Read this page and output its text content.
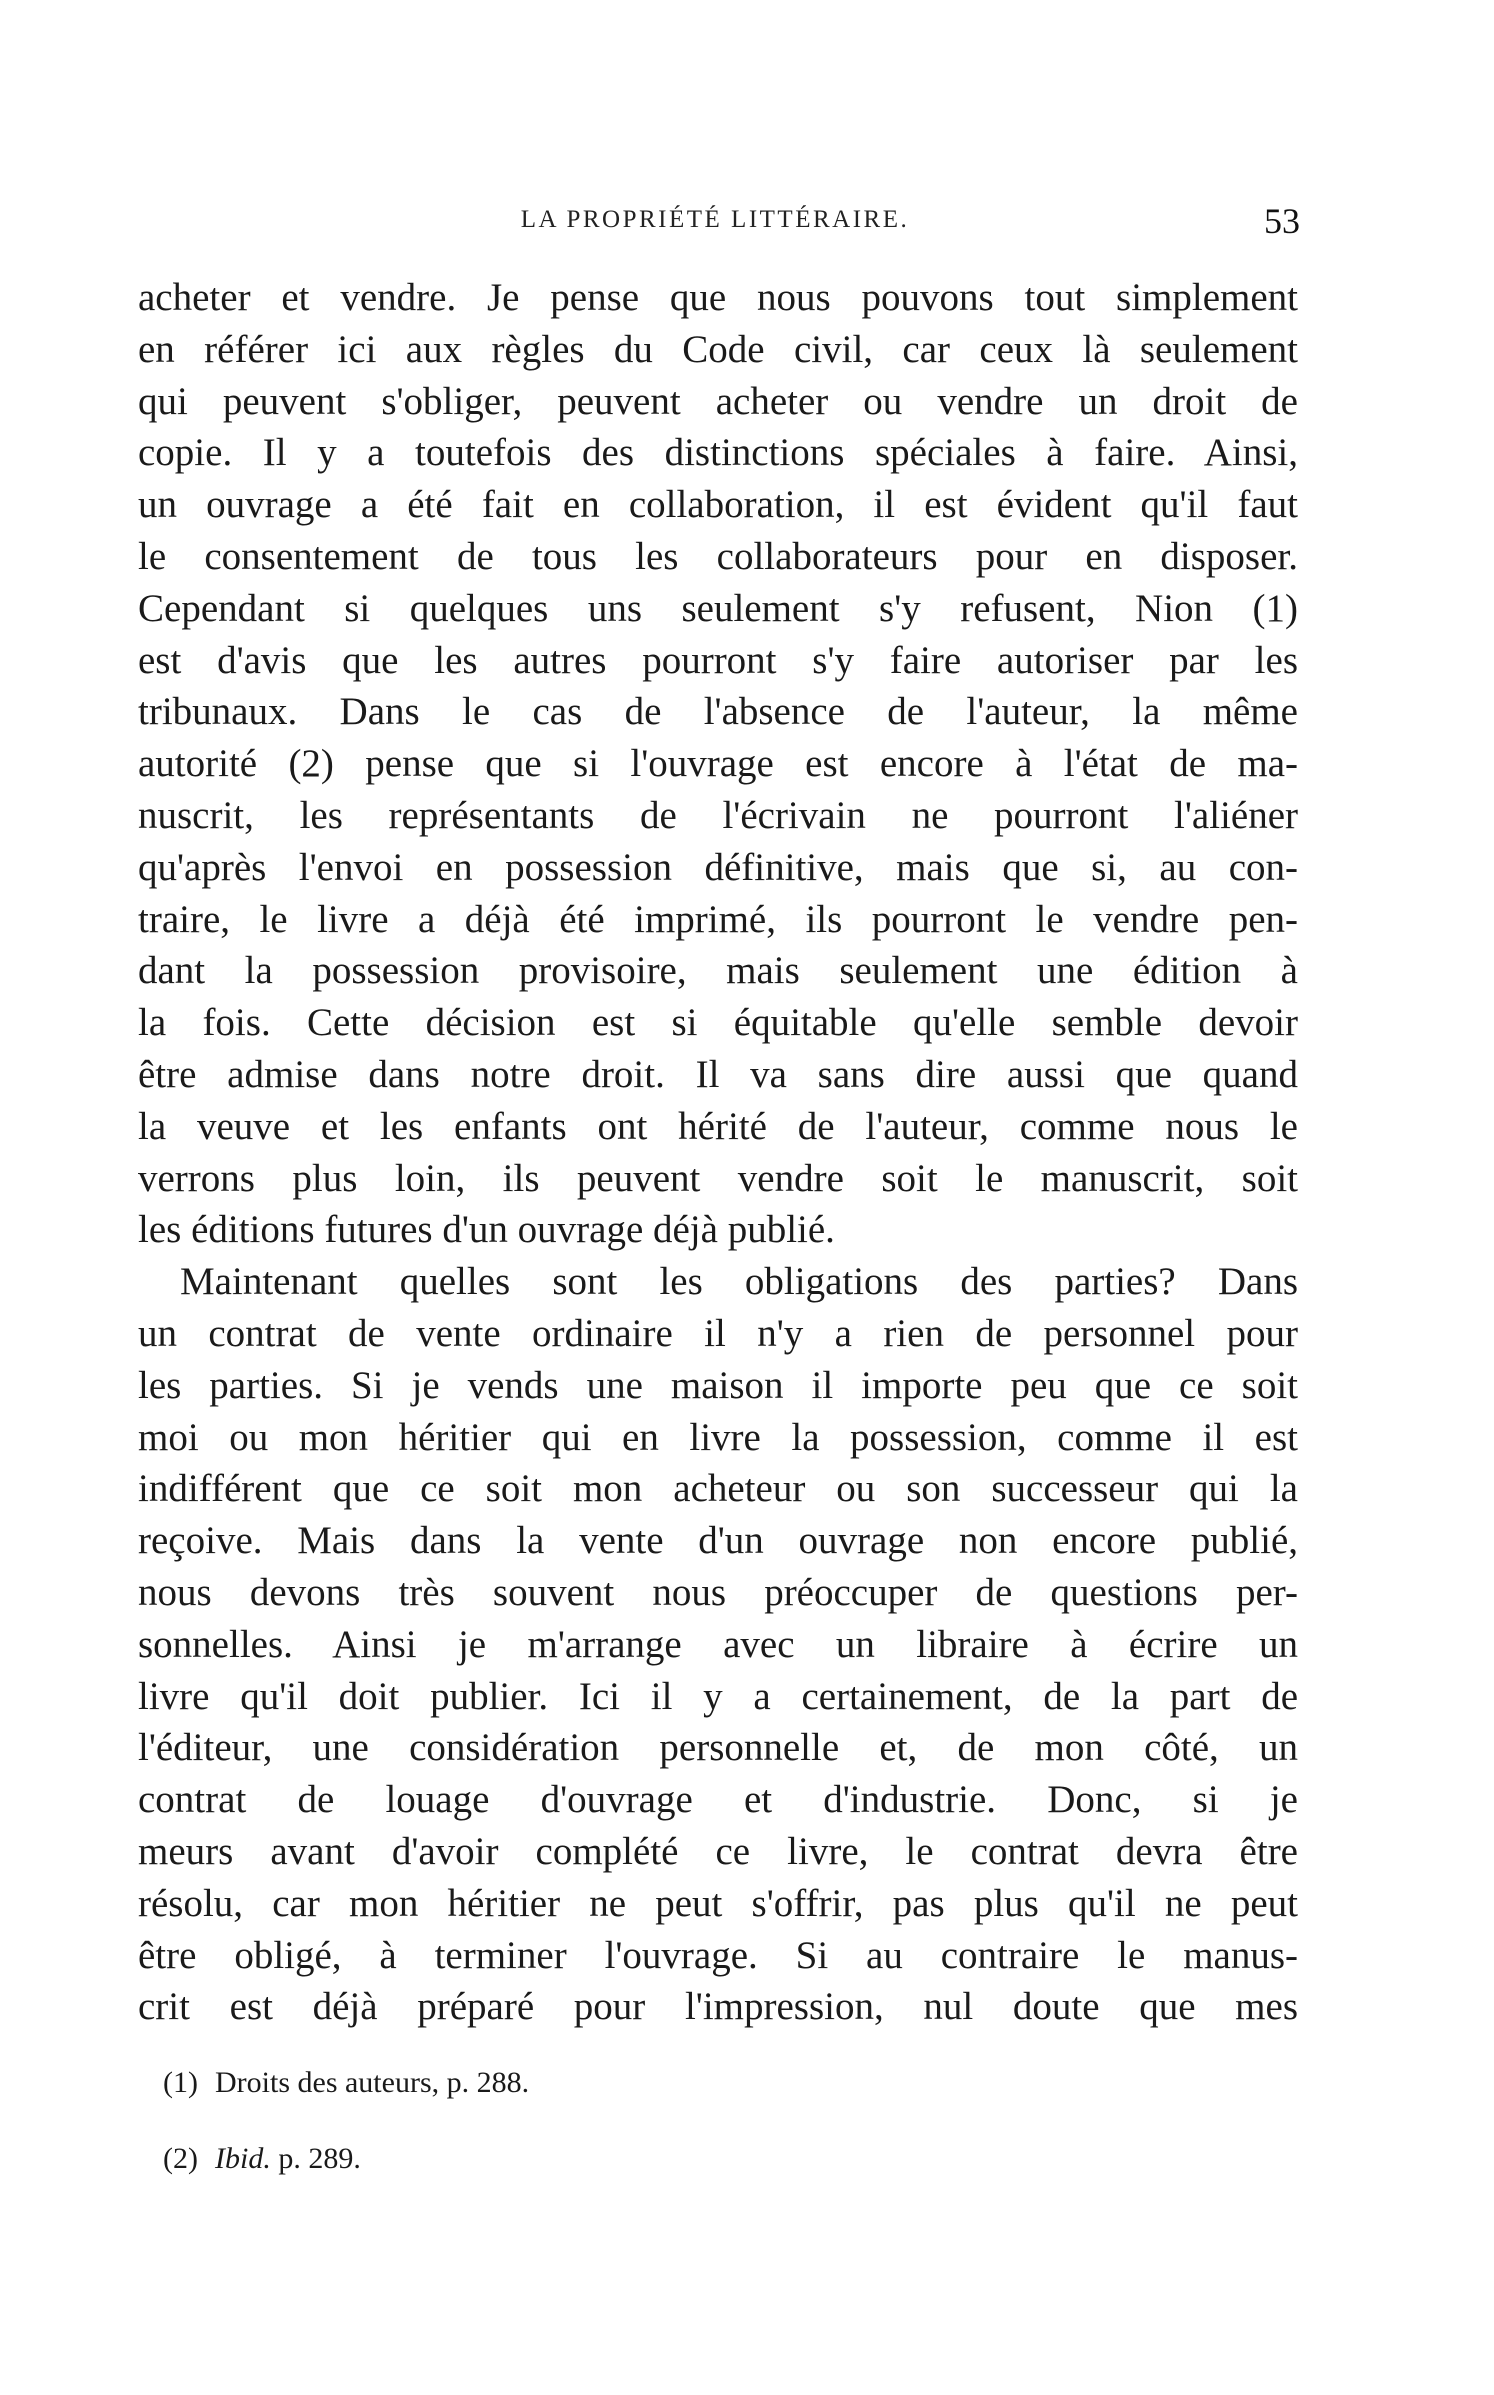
LA PROPRIÉTÉ LITTÉRAIRE.	53
acheter et vendre. Je pense que nous pouvons tout simplement
en référer ici aux règles du Code civil, car ceux là seulement
qui peuvent s'obliger, peuvent acheter ou vendre un droit de
copie. Il y a toutefois des distinctions spéciales à faire. Ainsi,
un ouvrage a été fait en collaboration, il est évident qu'il faut
le consentement de tous les collaborateurs pour en disposer.
Cependant si quelques uns seulement s'y refusent, Nion (1)
est d'avis que les autres pourront s'y faire autoriser par les
tribunaux. Dans le cas de l'absence de l'auteur, la même
autorité (2) pense que si l'ouvrage est encore à l'état de ma-
nuscrit, les représentants de l'écrivain ne pourront l'aliéner
qu'après l'envoi en possession définitive, mais que si, au con-
traire, le livre a déjà été imprimé, ils pourront le vendre pen-
dant la possession provisoire, mais seulement une édition à
la fois. Cette décision est si équitable qu'elle semble devoir
être admise dans notre droit. Il va sans dire aussi que quand
la veuve et les enfants ont hérité de l'auteur, comme nous le
verrons plus loin, ils peuvent vendre soit le manuscrit, soit
les éditions futures d'un ouvrage déjà publié.
Maintenant quelles sont les obligations des parties? Dans
un contrat de vente ordinaire il n'y a rien de personnel pour
les parties. Si je vends une maison il importe peu que ce soit
moi ou mon héritier qui en livre la possession, comme il est
indifférent que ce soit mon acheteur ou son successeur qui la
reçoive. Mais dans la vente d'un ouvrage non encore publié,
nous devons très souvent nous préoccuper de questions per-
sonnelles. Ainsi je m'arrange avec un libraire à écrire un
livre qu'il doit publier. Ici il y a certainement, de la part de
l'éditeur, une considération personnelle et, de mon côté, un
contrat de louage d'ouvrage et d'industrie. Donc, si je
meurs avant d'avoir complété ce livre, le contrat devra être
résolu, car mon héritier ne peut s'offrir, pas plus qu'il ne peut
être obligé, à terminer l'ouvrage. Si au contraire le manus-
crit est déjà préparé pour l'impression, nul doute que mes
(1) Droits des auteurs, p. 288.
(2) Ibid. p. 289.
